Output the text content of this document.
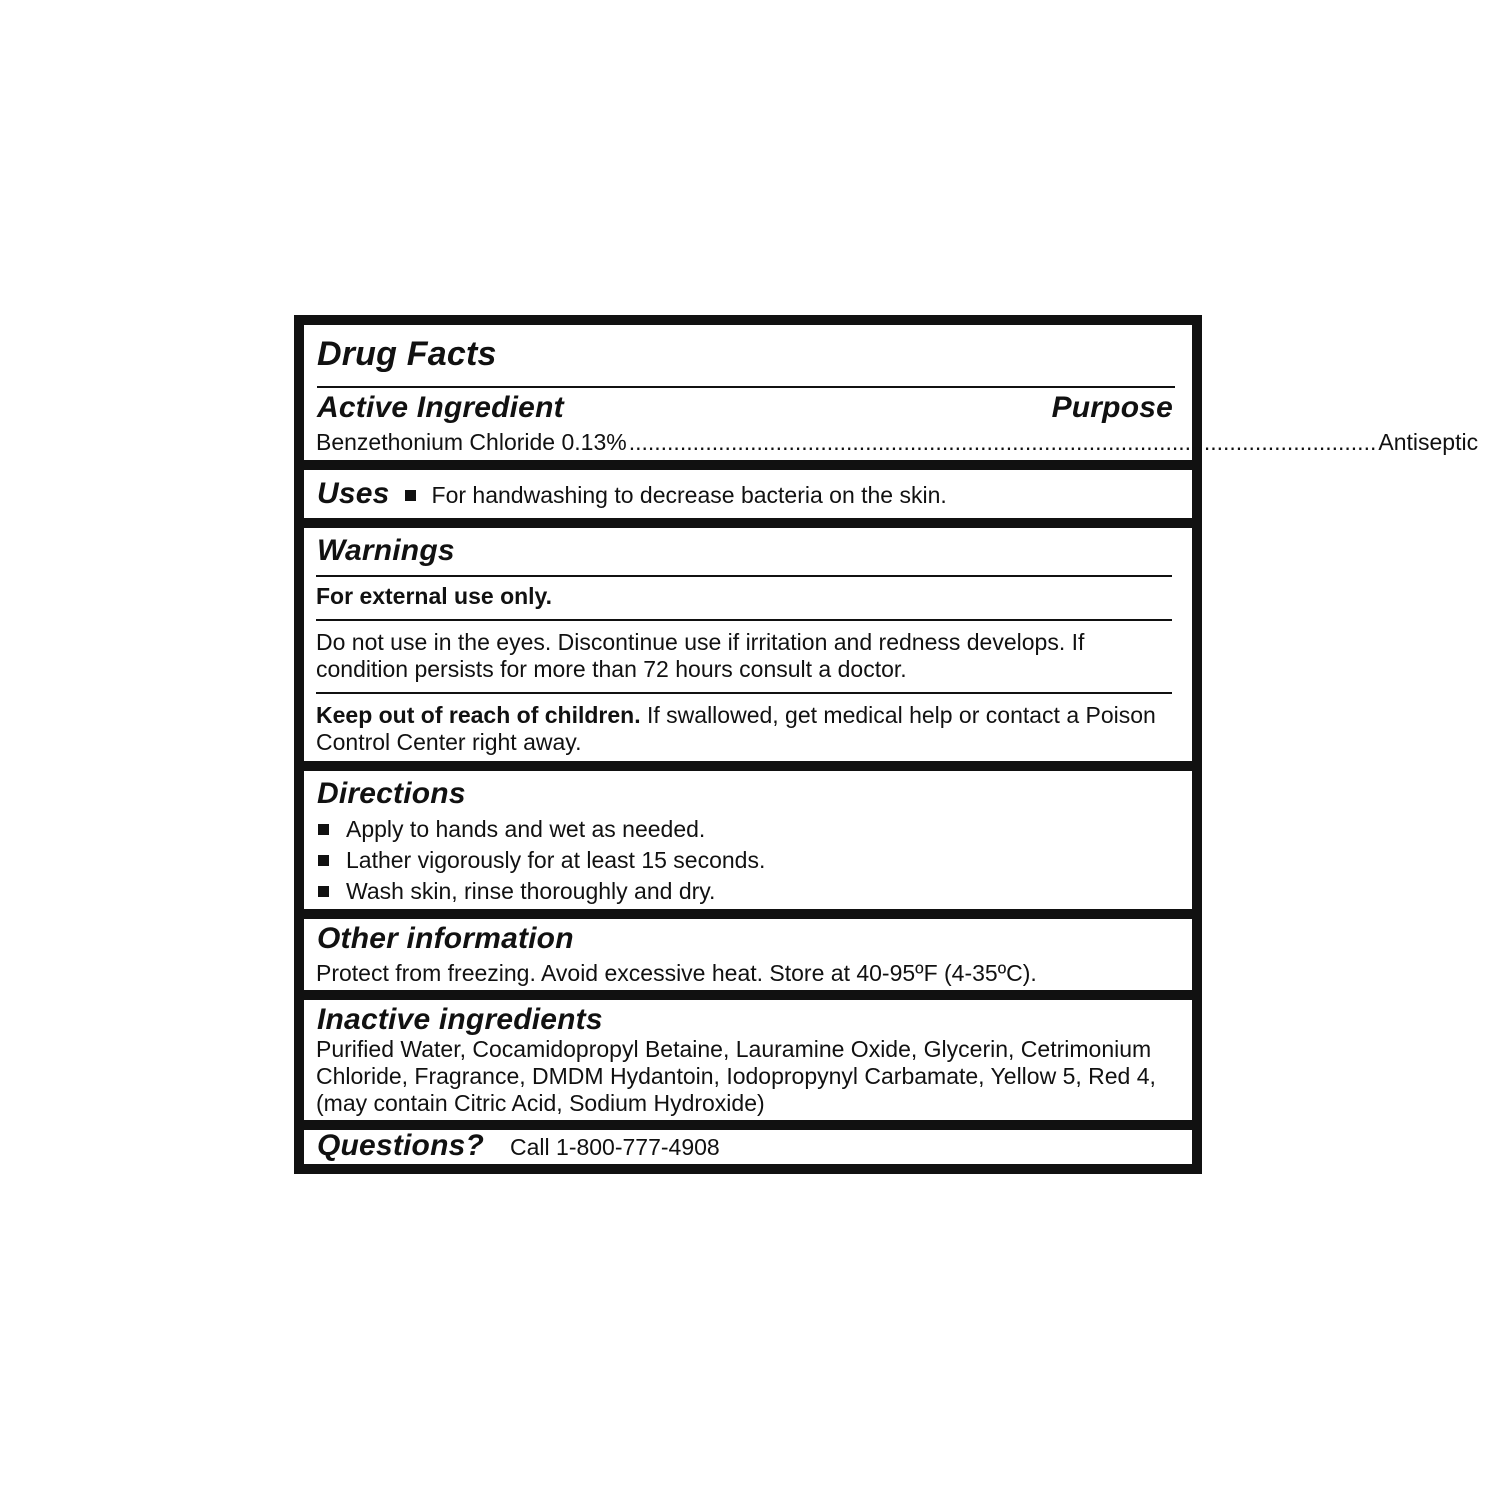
Drug Facts
Active Ingredient	Purpose
Benzethonium Chloride 0.13% ..................................................................................................................... Antiseptic
Uses For handwashing to decrease bacteria on the skin.
Warnings
For external use only.
Do not use in the eyes. Discontinue use if irritation and redness develops. If condition persists for more than 72 hours consult a doctor.
Keep out of reach of children. If swallowed, get medical help or contact a Poison Control Center right away.
Directions
Apply to hands and wet as needed.
Lather vigorously for at least 15 seconds.
Wash skin, rinse thoroughly and dry.
Other information
Protect from freezing. Avoid excessive heat. Store at 40-95ºF (4-35ºC).
Inactive ingredients
Purified Water, Cocamidopropyl Betaine, Lauramine Oxide, Glycerin, Cetrimonium Chloride, Fragrance, DMDM Hydantoin, Iodopropynyl Carbamate, Yellow 5, Red 4, (may contain Citric Acid, Sodium Hydroxide)
Questions? Call 1-800-777-4908
